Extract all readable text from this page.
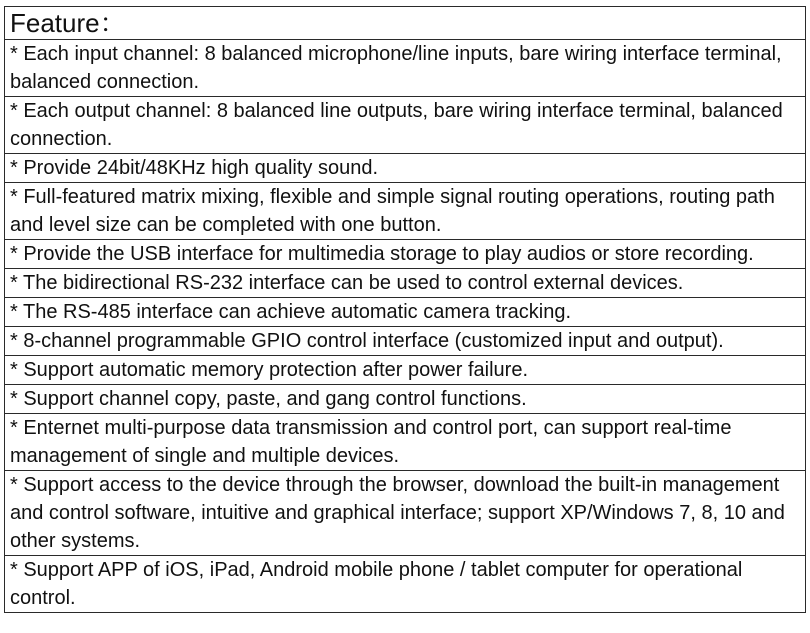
Feature：
* Each input channel: 8 balanced microphone/line inputs, bare wiring interface terminal, balanced connection.
* Each output channel: 8 balanced line outputs, bare wiring interface terminal, balanced connection.
* Provide 24bit/48KHz high quality sound.
* Full-featured matrix mixing, flexible and simple signal routing operations, routing path and level size can be completed with one button.
* Provide the USB interface for multimedia storage to play audios or store recording.
* The bidirectional RS-232 interface can be used to control external devices.
* The RS-485 interface can achieve automatic camera tracking.
* 8-channel programmable GPIO control interface (customized input and output).
* Support automatic memory protection after power failure.
* Support channel copy, paste, and gang control functions.
* Enternet multi-purpose data transmission and control port, can support real-time management of single and multiple devices.
* Support access to the device through the browser, download the built-in management and control software, intuitive and graphical interface; support XP/Windows 7, 8, 10 and other systems.
* Support APP of iOS, iPad, Android mobile phone / tablet computer for operational control.
